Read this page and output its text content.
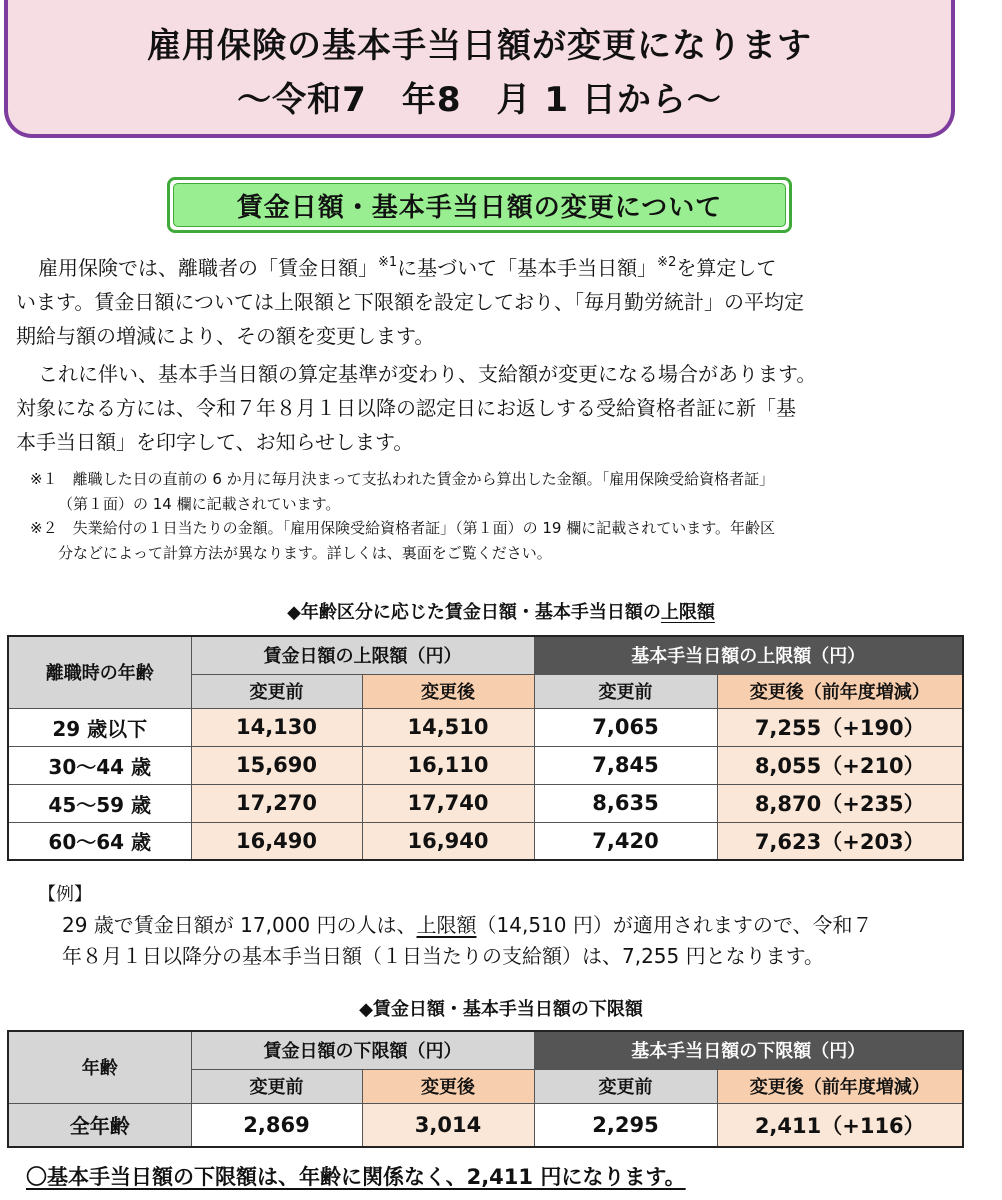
雇用保険の基本手当日額が変更になります
～令和7　年8　月 1 日から～
賃金日額・基本手当日額の変更について

雇用保険では、離職者の「賃金日額」$^{※1}$に基づいて「基本手当日額」$^{※2}$を算定して

います。賃金日額については上限額と下限額を設定しており、「毎月勤労統計」の平均定

期給与額の増減により、その額を変更します。

これに伴い、基本手当日額の算定基準が変わり、支給額が変更になる場合があります。

対象になる方には、令和７年８月１日以降の認定日にお返しする受給資格者証に新「基

本手当日額」を印字して、お知らせします。

※１　離職した日の直前の 6 か月に毎月決まって支払われた賃金から算出した金額。「雇用保険受給資格者証」
（第１面）の 14 欄に記載されています。
※２　失業給付の１日当たりの金額。「雇用保険受給資格者証」（第１面）の 19 欄に記載されています。年齢区
分などによって計算方法が異なります。詳しくは、裏面をご覧ください。
◆年齢区分に応じた賃金日額・基本手当日額の上限額
離職時の年齢	賃金日額の上限額（円）		基本手当日額の上限額（円）	
	変更前	変更後	変更前	変更後（前年度増減）
29 歳以下	14,130	14,510	7,065	7,255（+190）
30～44 歳	15,690	16,110	7,845	8,055（+210）
45～59 歳	17,270	17,740	8,635	8,870（+235）
60～64 歳	16,490	16,940	7,420	7,623（+203）
【例】
29 歳で賃金日額が 17,000 円の人は、上限額（14,510 円）が適用されますので、令和７
年８月１日以降分の基本手当日額（１日当たりの支給額）は、7,255 円となります。
◆賃金日額・基本手当日額の下限額
年齢	賃金日額の下限額（円）		基本手当日額の下限額（円）	
	変更前	変更後	変更前	変更後（前年度増減）
全年齢	2,869	3,014	2,295	2,411（+116）
〇基本手当日額の下限額は、年齢に関係なく、2,411 円になります。
